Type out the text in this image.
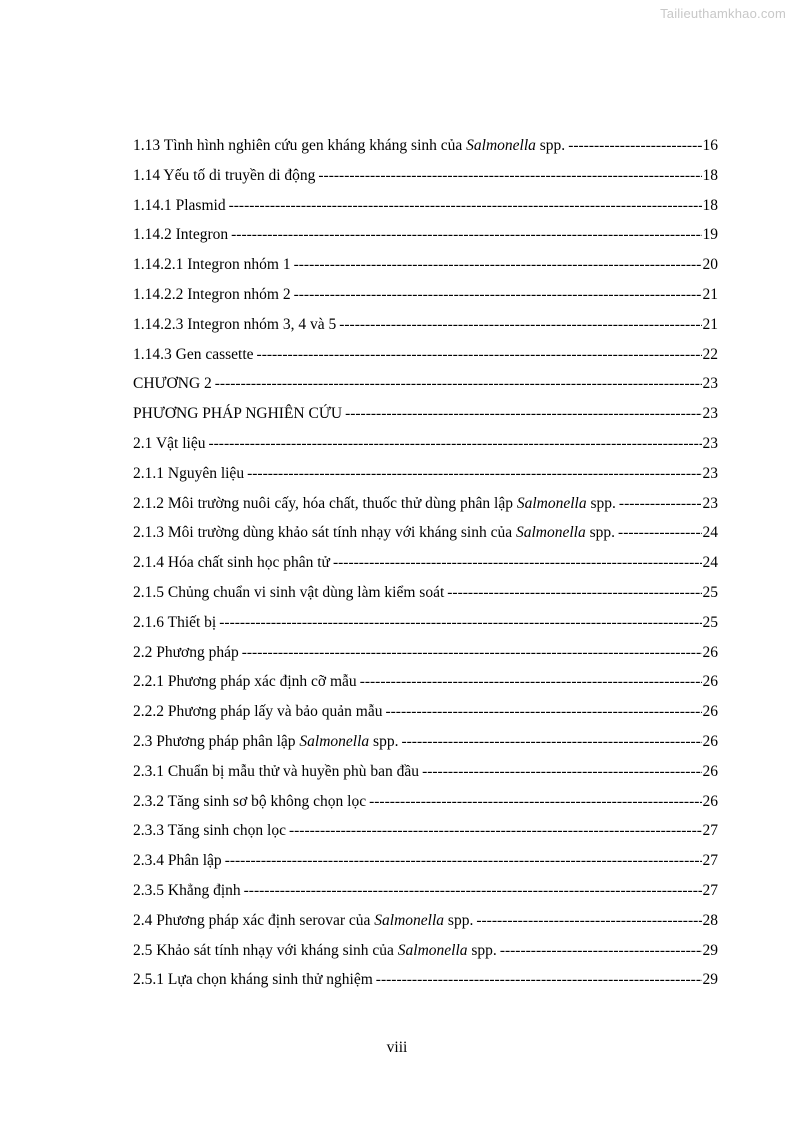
Tailieuthamkhao.com
1.13 Tình hình nghiên cứu gen kháng kháng sinh của Salmonella spp. -----	16
1.14 Yếu tố di truyền di động -----	18
1.14.1 Plasmid -----	18
1.14.2 Integron -----	19
1.14.2.1 Integron nhóm 1 -----	20
1.14.2.2 Integron nhóm 2 -----	21
1.14.2.3 Integron nhóm 3, 4 và 5 -----	21
1.14.3 Gen cassette -----	22
CHƯƠNG 2 -----	23
PHƯƠNG PHÁP NGHIÊN CỨU -----	23
2.1 Vật liệu -----	23
2.1.1 Nguyên liệu -----	23
2.1.2 Môi trường nuôi cấy, hóa chất, thuốc thử dùng phân lập Salmonella spp. -----	23
2.1.3 Môi trường dùng khảo sát tính nhạy với kháng sinh của Salmonella spp. -----	24
2.1.4 Hóa chất sinh học phân tử -----	24
2.1.5 Chủng chuẩn vi sinh vật dùng làm kiểm soát -----	25
2.1.6 Thiết bị -----	25
2.2 Phương pháp -----	26
2.2.1 Phương pháp xác định cỡ mẫu -----	26
2.2.2 Phương pháp lấy và bảo quản mẫu -----	26
2.3 Phương pháp phân lập Salmonella spp. -----	26
2.3.1 Chuẩn bị mẫu thử và huyền phù ban đầu -----	26
2.3.2 Tăng sinh sơ bộ không chọn lọc -----	26
2.3.3 Tăng sinh chọn lọc -----	27
2.3.4 Phân lập -----	27
2.3.5 Khẳng định -----	27
2.4 Phương pháp xác định serovar của Salmonella spp. -----	28
2.5 Khảo sát tính nhạy với kháng sinh của Salmonella spp. -----	29
2.5.1 Lựa chọn kháng sinh thử nghiệm -----	29
viii
